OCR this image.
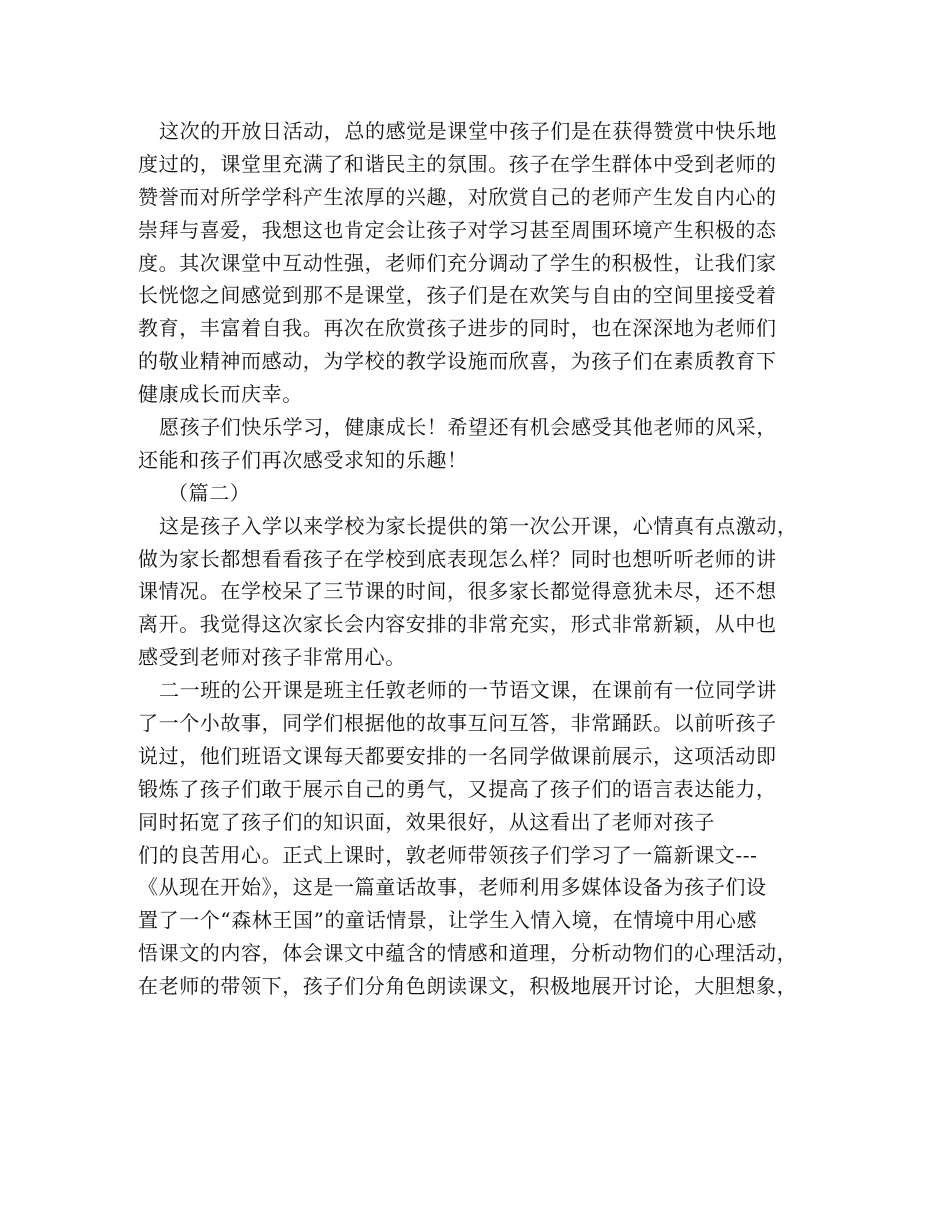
这次的开放日活动，总的感觉是课堂中孩子们是在获得赞赏中快乐地
度过的，课堂里充满了和谐民主的氛围。孩子在学生群体中受到老师的
赞誉而对所学学科产生浓厚的兴趣，对欣赏自己的老师产生发自内心的
崇拜与喜爱，我想这也肯定会让孩子对学习甚至周围环境产生积极的态
度。其次课堂中互动性强，老师们充分调动了学生的积极性，让我们家
长恍惚之间感觉到那不是课堂，孩子们是在欢笑与自由的空间里接受着
教育，丰富着自我。再次在欣赏孩子进步的同时，也在深深地为老师们
的敬业精神而感动，为学校的教学设施而欣喜，为孩子们在素质教育下
健康成长而庆幸。
愿孩子们快乐学习，健康成长！希望还有机会感受其他老师的风采，
还能和孩子们再次感受求知的乐趣！
（篇二）
这是孩子入学以来学校为家长提供的第一次公开课，心情真有点激动，
做为家长都想看看孩子在学校到底表现怎么样？同时也想听听老师的讲
课情况。在学校呆了三节课的时间，很多家长都觉得意犹未尽，还不想
离开。我觉得这次家长会内容安排的非常充实，形式非常新颖，从中也
感受到老师对孩子非常用心。
二一班的公开课是班主任敦老师的一节语文课，在课前有一位同学讲
了一个小故事，同学们根据他的故事互问互答，非常踊跃。以前听孩子
说过，他们班语文课每天都要安排的一名同学做课前展示，这项活动即
锻炼了孩子们敢于展示自己的勇气，又提高了孩子们的语言表达能力，
同时拓宽了孩子们的知识面，效果很好，从这看出了老师对孩子
们的良苦用心。正式上课时，敦老师带领孩子们学习了一篇新课文---
《从现在开始》，这是一篇童话故事，老师利用多媒体设备为孩子们设
置了一个“森林王国”的童话情景，让学生入情入境，在情境中用心感
悟课文的内容，体会课文中蕴含的情感和道理，分析动物们的心理活动，
在老师的带领下，孩子们分角色朗读课文，积极地展开讨论，大胆想象，
